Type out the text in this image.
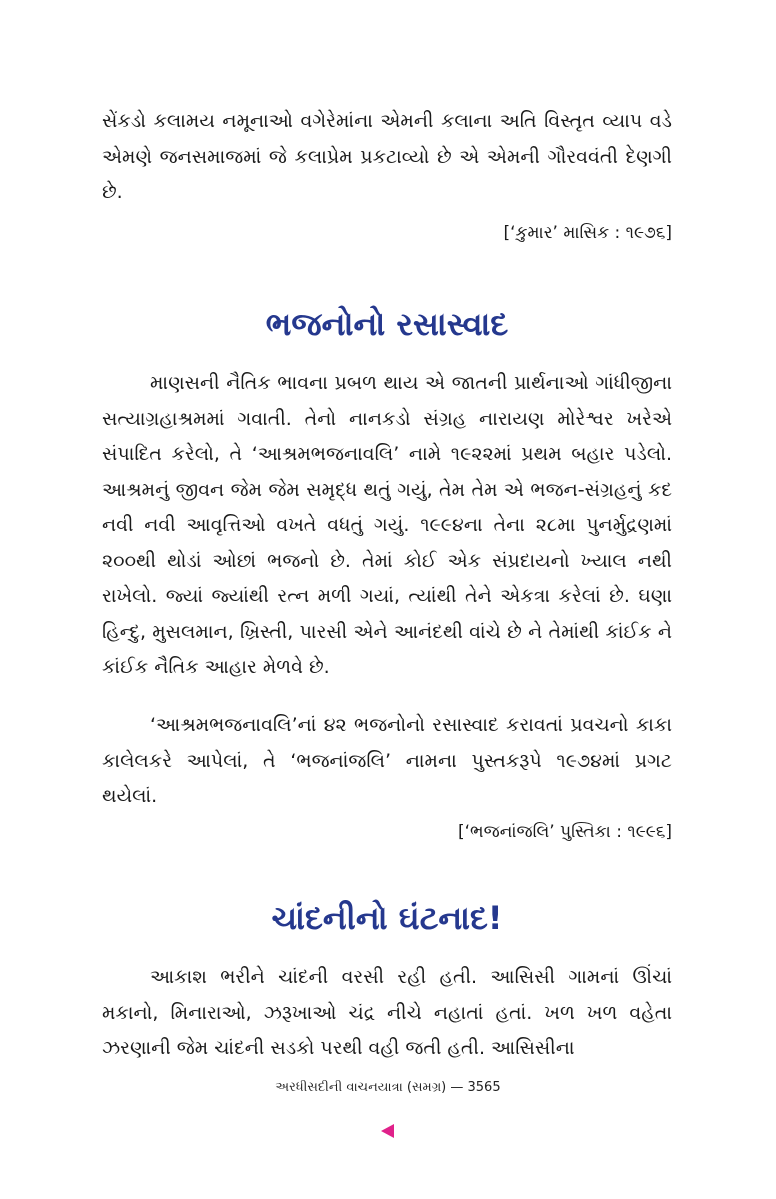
સેંકડો કલામય નમૂનાઓ વગેરેમાંના એમની કલાના અતિ વિસ્તૃત વ્યાપ વડે એમણે જનસમાજમાં જે કલાપ્રેમ પ્રકટાવ્યો છે એ એમની ગૌરવવંતી દેણગી છે.

[‘કુમાર’ માસિક : ૧૯૭૬]

ભજનોનો રસાસ્વાદ

માણસની નૈતિક ભાવના પ્રબળ થાય એ જાતની પ્રાર્થનાઓ ગાંધીજીના સત્યાગ્રહાશ્રમમાં ગવાતી. તેનો નાનકડો સંગ્રહ નારાયણ મોરેશ્વર ખરેએ સંપાદિત કરેલો, તે ‘આશ્રમભજનાવલિ’ નામે ૧૯૨૨માં પ્રથમ બહાર પડેલો. આશ્રમનું જીવન જેમ જેમ સમૃદ્ધ થતું ગયું, તેમ તેમ એ ભજન-સંગ્રહનું કદ નવી નવી આવૃત્તિઓ વખતે વધતું ગયું. ૧૯૯૪ના તેના ૨૮મા પુનર્મુદ્રણમાં ૨૦૦થી થોડાં ઓછાં ભજનો છે. તેમાં કોઈ એક સંપ્રદાયનો ખ્યાલ નથી રાખેલો. જ્યાં જ્યાંથી રત્ન મળી ગયાં, ત્યાંથી તેને એકત્રા કરેલાં છે. ઘણા હિન્દુ, મુસલમાન, ખ્રિસ્તી, પારસી એને આનંદથી વાંચે છે ને તેમાંથી કાંઈક ને કાંઈક નૈતિક આહાર મેળવે છે.

‘આશ્રમભજનાવલિ’નાં ૪૨ ભજનોનો રસાસ્વાદ કરાવતાં પ્રવચનો કાકા કાલેલકરે આપેલાં, તે ‘ભજનાંજલિ’ નામના પુસ્તકરૂપે ૧૯૭૪માં પ્રગટ થયેલાં.

[‘ભજનાંજલિ’ પુસ્તિકા : ૧૯૯૬]

ચાંદનીનો ઘંટનાદ!

આકાશ ભરીને ચાંદની વરસી રહી હતી. આસિસી ગામનાં ઊંચાં મકાનો, મિનારાઓ, ઝરૂખાઓ ચંદ્ર નીચે નહાતાં હતાં. ખળ ખળ વહેતા ઝરણાની જેમ ચાંદની સડકો પરથી વહી જતી હતી. આસિસીના

અરધીસદીની વાચનયાત્રા (સમગ્ર) — 3565
